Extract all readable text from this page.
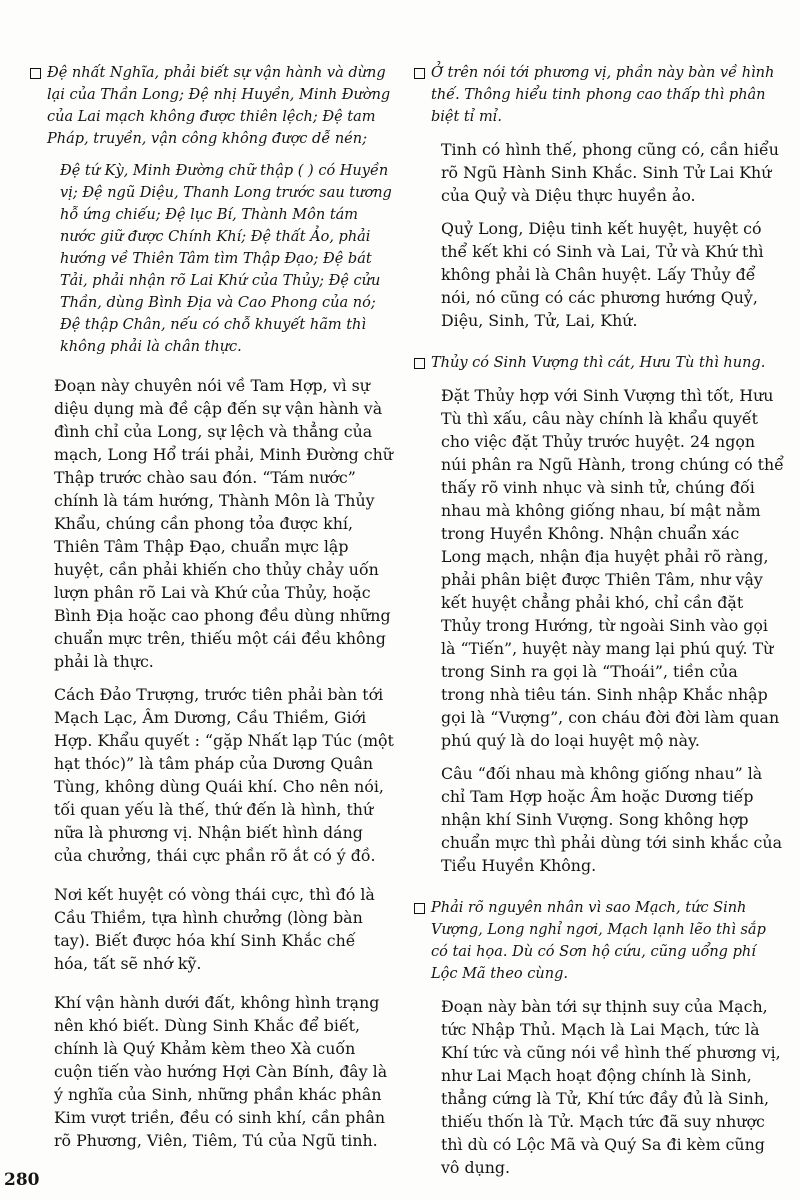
Đệ nhất Nghĩa, phải biết sự vận hành và dừng lại của Thần Long; Đệ nhị Huyền, Minh Đường của Lai mạch không được thiên lệch; Đệ tam Pháp, truyền, vận công không được dễ nén;

Đệ tứ Kỳ, Minh Đường chữ thập ( ) có Huyền vị; Đệ ngũ Diệu, Thanh Long trước sau tương hỗ ứng chiếu; Đệ lục Bí, Thành Môn tám nước giữ được Chính Khí; Đệ thất Ảo, phải hướng về Thiên Tâm tìm Thập Đạo; Đệ bát Tải, phải nhận rõ Lai Khứ của Thủy; Đệ cửu Thần, dùng Bình Địa và Cao Phong của nó; Đệ thập Chân, nếu có chỗ khuyết hãm thì không phải là chân thực.

Đoạn này chuyên nói về Tam Hợp, vì sự diệu dụng mà đề cập đến sự vận hành và đình chỉ của Long, sự lệch và thẳng của mạch, Long Hổ trái phải, Minh Đường chữ Thập trước chào sau đón. “Tám nước” chính là tám hướng, Thành Môn là Thủy Khẩu, chúng cần phong tỏa được khí, Thiên Tâm Thập Đạo, chuẩn mực lập huyệt, cần phải khiến cho thủy chảy uốn lượn phân rõ Lai và Khứ của Thủy, hoặc Bình Địa hoặc cao phong đều dùng những chuẩn mực trên, thiếu một cái đều không phải là thực.

Cách Đảo Trượng, trước tiên phải bàn tới Mạch Lạc, Âm Dương, Cầu Thiềm, Giới Hợp. Khẩu quyết : “gặp Nhất lạp Túc (một hạt thóc)” là tâm pháp của Dương Quân Tùng, không dùng Quái khí. Cho nên nói, tối quan yếu là thế, thứ đến là hình, thứ nữa là phương vị. Nhận biết hình dáng của chưởng, thái cực phần rõ ắt có ý đồ.

Nơi kết huyệt có vòng thái cực, thì đó là Cầu Thiềm, tựa hình chưởng (lòng bàn tay). Biết được hóa khí Sinh Khắc chế hóa, tất sẽ nhớ kỹ.

Khí vận hành dưới đất, không hình trạng nên khó biết. Dùng Sinh Khắc để biết, chính là Quý Khảm kèm theo Xà cuốn cuộn tiến vào hướng Hợi Càn Bính, đây là ý nghĩa của Sinh, những phần khác phân Kim vượt triền, đều có sinh khí, cần phân rõ Phương, Viên, Tiêm, Tú của Ngũ tinh.

Ở trên nói tới phương vị, phần này bàn về hình thế. Thông hiểu tinh phong cao thấp thì phân biệt tỉ mỉ.

Tinh có hình thế, phong cũng có, cần hiểu rõ Ngũ Hành Sinh Khắc. Sinh Tử Lai Khứ của Quỷ và Diệu thực huyền ảo.

Quỷ Long, Diệu tinh kết huyệt, huyệt có thể kết khi có Sinh và Lai, Tử và Khứ thì không phải là Chân huyệt. Lấy Thủy để nói, nó cũng có các phương hướng Quỷ, Diệu, Sinh, Tử, Lai, Khứ.

Thủy có Sinh Vượng thì cát, Hưu Tù thì hung.

Đặt Thủy hợp với Sinh Vượng thì tốt, Hưu Tù thì xấu, câu này chính là khẩu quyết cho việc đặt Thủy trước huyệt. 24 ngọn núi phân ra Ngũ Hành, trong chúng có thể thấy rõ vinh nhục và sinh tử, chúng đối nhau mà không giống nhau, bí mật nằm trong Huyền Không. Nhận chuẩn xác Long mạch, nhận địa huyệt phải rõ ràng, phải phân biệt được Thiên Tâm, như vậy kết huyệt chẳng phải khó, chỉ cần đặt Thủy trong Hướng, từ ngoài Sinh vào gọi là “Tiến”, huyệt này mang lại phú quý. Từ trong Sinh ra gọi là “Thoái”, tiền của trong nhà tiêu tán. Sinh nhập Khắc nhập gọi là “Vượng”, con cháu đời đời làm quan phú quý là do loại huyệt mộ này.

Câu “đối nhau mà không giống nhau” là chỉ Tam Hợp hoặc Âm hoặc Dương tiếp nhận khí Sinh Vượng. Song không hợp chuẩn mực thì phải dùng tới sinh khắc của Tiểu Huyền Không.

Phải rõ nguyên nhân vì sao Mạch, tức Sinh Vượng, Long nghỉ ngơi, Mạch lạnh lẽo thì sắp có tai họa. Dù có Sơn hộ cứu, cũng uổng phí Lộc Mã theo cùng.

Đoạn này bàn tới sự thịnh suy của Mạch, tức Nhập Thủ. Mạch là Lai Mạch, tức là Khí tức và cũng nói về hình thế phương vị, như Lai Mạch hoạt động chính là Sinh, thẳng cứng là Tử, Khí tức đầy đủ là Sinh, thiếu thốn là Tử. Mạch tức đã suy nhược thì dù có Lộc Mã và Quý Sa đi kèm cũng vô dụng.

280
